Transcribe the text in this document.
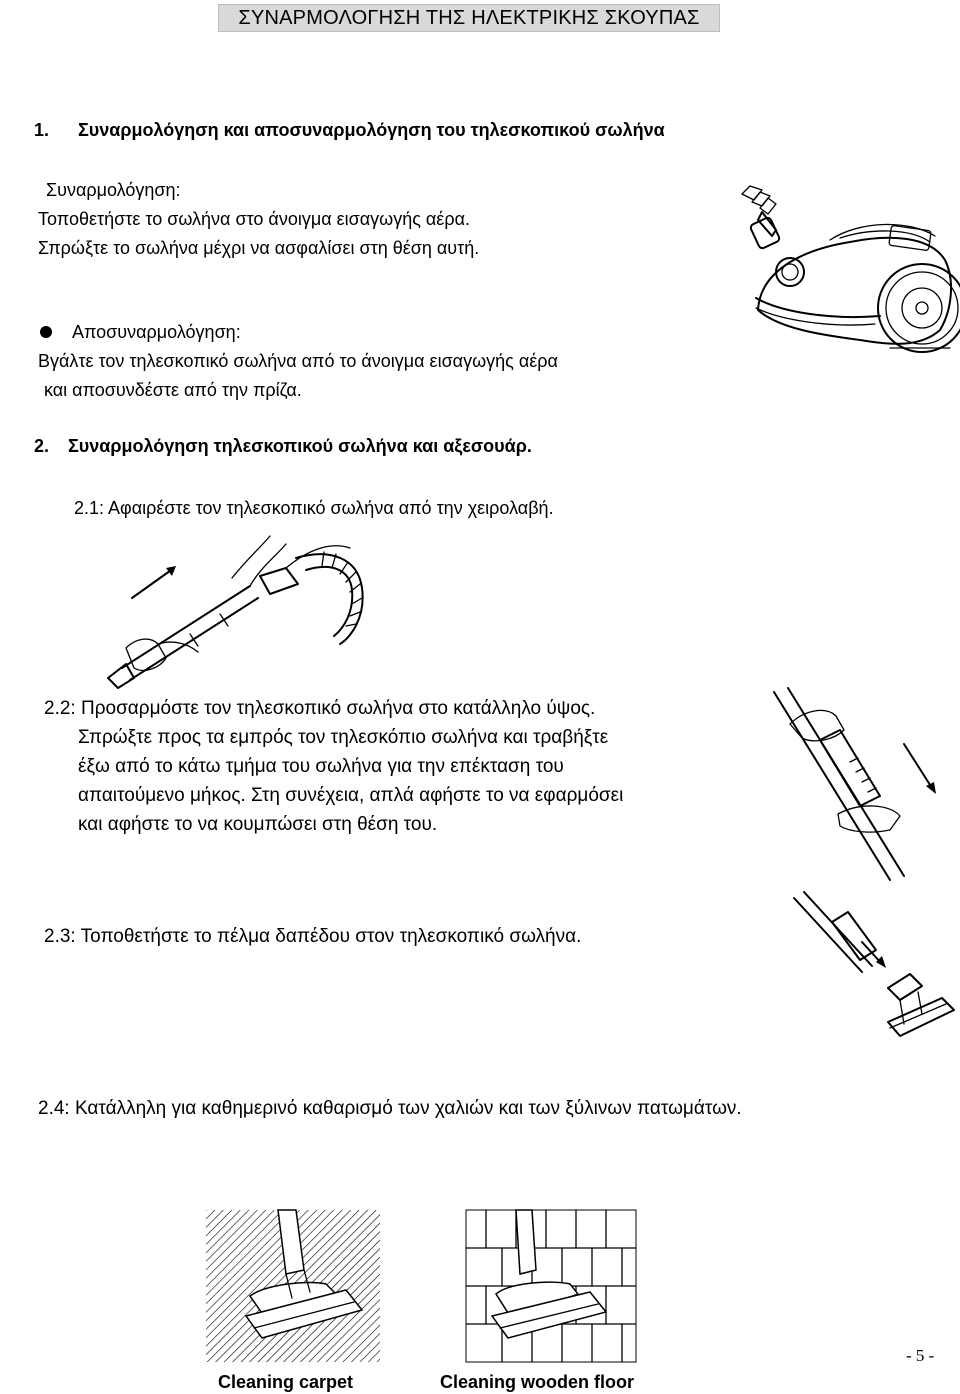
ΣΥΝΑΡΜΟΛΟΓΗΣΗ ΤΗΣ ΗΛΕΚΤΡΙΚΗΣ ΣΚΟΥΠΑΣ
1. Συναρμολόγηση και αποσυναρμολόγηση του τηλεσκοπικού σωλήνα
Συναρμολόγηση:
Τοποθετήστε το σωλήνα στο άνοιγμα εισαγωγής αέρα.
Σπρώξτε το σωλήνα μέχρι να ασφαλίσει στη θέση αυτή.
Αποσυναρμολόγηση:
Βγάλτε τον τηλεσκοπικό σωλήνα από το άνοιγμα εισαγωγής αέρα
και αποσυνδέστε από την πρίζα.
2. Συναρμολόγηση τηλεσκοπικού σωλήνα και αξεσουάρ.
2.1: Αφαιρέστε τον τηλεσκοπικό σωλήνα από την χειρολαβή.
2.2: Προσαρμόστε τον τηλεσκοπικό σωλήνα στο κατάλληλο ύψος.
Σπρώξτε προς τα εμπρός τον τηλεσκόπιο σωλήνα και τραβήξτε
έξω από το κάτω τμήμα του σωλήνα για την επέκταση του
απαιτούμενο μήκος. Στη συνέχεια, απλά αφήστε το να εφαρμόσει
και αφήστε το να κουμπώσει στη θέση του.
2.3: Τοποθετήστε το πέλμα δαπέδου στον τηλεσκοπικό σωλήνα.
2.4: Κατάλληλη για καθημερινό καθαρισμό των χαλιών και των ξύλινων πατωμάτων.
Cleaning carpet	Cleaning wooden floor
- 5 -
